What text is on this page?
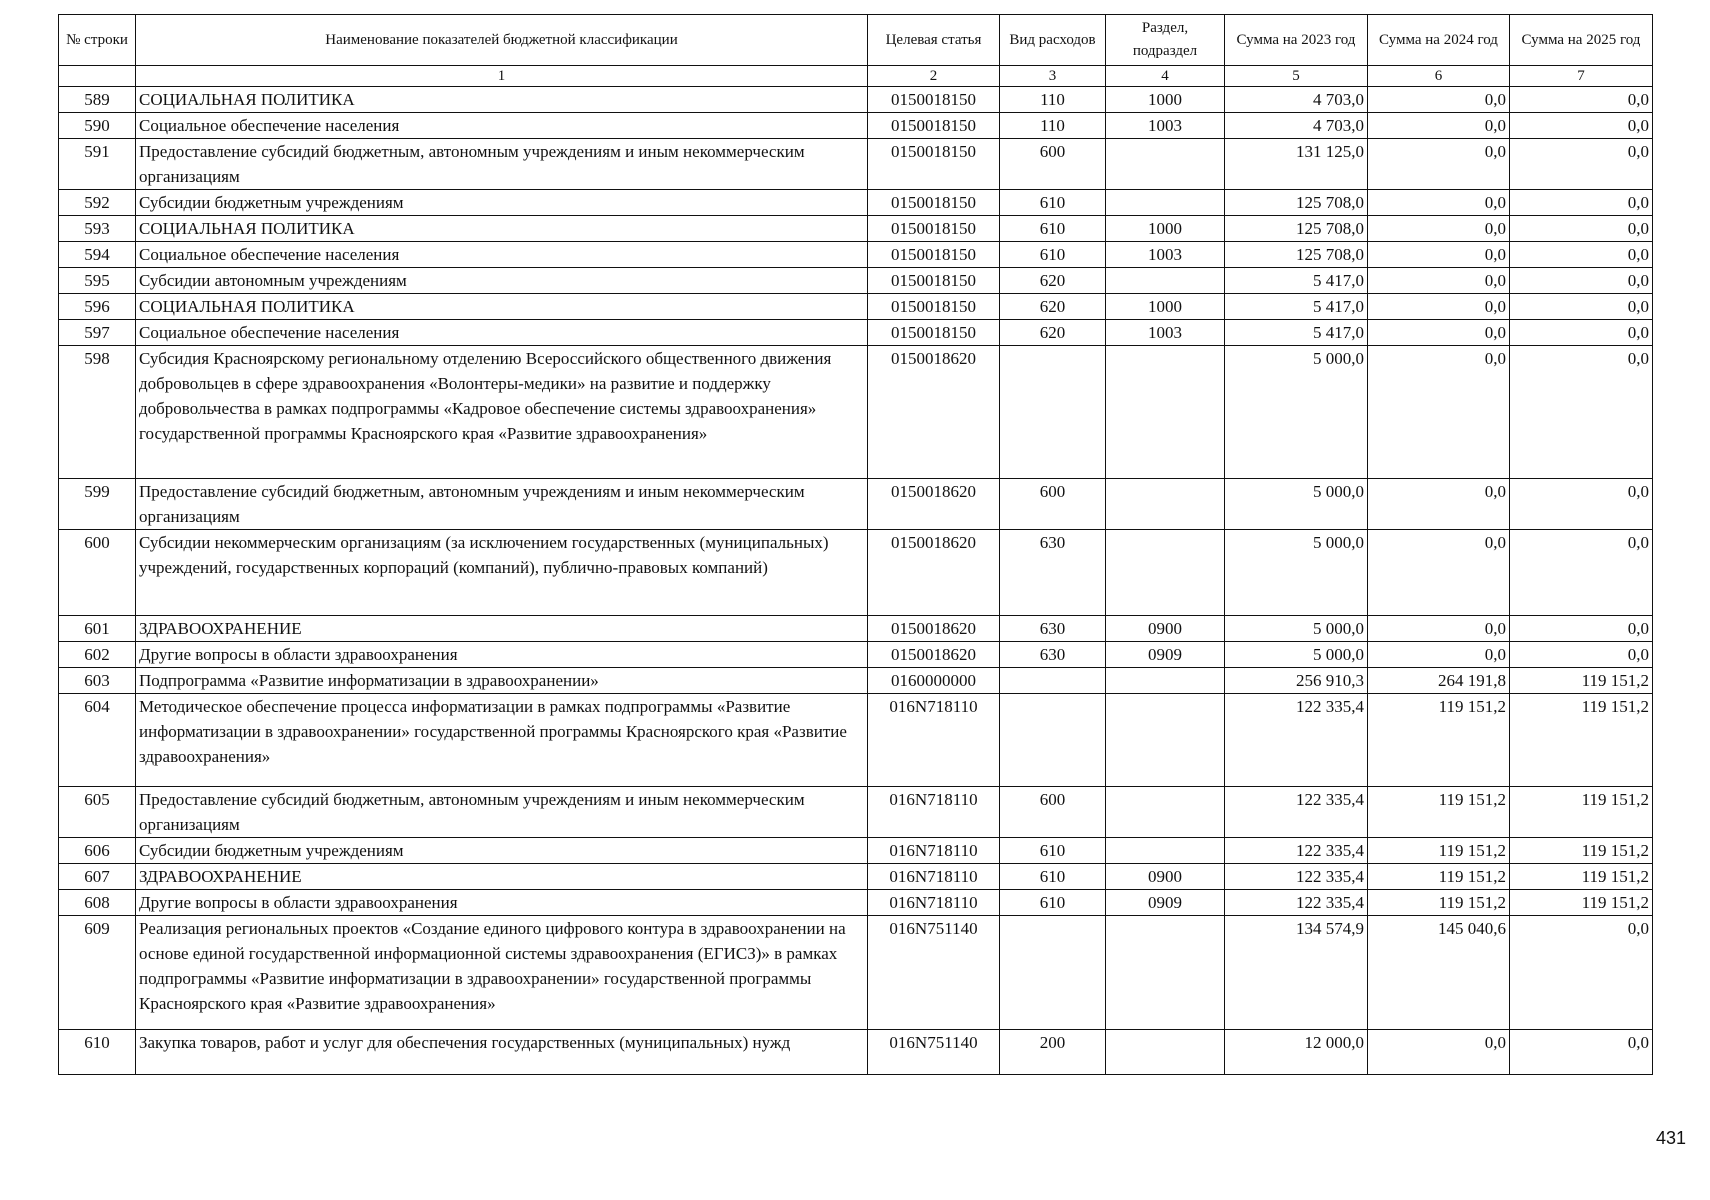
№ строки	Наименование показателей бюджетной классификации	Целевая статья	Вид расходов	Раздел, подраздел	Сумма на 2023 год	Сумма на 2024 год	Сумма на 2025 год
	1	2	3	4	5	6	7
589	СОЦИАЛЬНАЯ ПОЛИТИКА	0150018150	110	1000	4 703,0	0,0	0,0
590	Социальное обеспечение населения	0150018150	110	1003	4 703,0	0,0	0,0
591	Предоставление субсидий бюджетным, автономным учреждениям и иным некоммерческим организациям	0150018150	600		131 125,0	0,0	0,0
592	Субсидии бюджетным учреждениям	0150018150	610		125 708,0	0,0	0,0
593	СОЦИАЛЬНАЯ ПОЛИТИКА	0150018150	610	1000	125 708,0	0,0	0,0
594	Социальное обеспечение населения	0150018150	610	1003	125 708,0	0,0	0,0
595	Субсидии автономным учреждениям	0150018150	620		5 417,0	0,0	0,0
596	СОЦИАЛЬНАЯ ПОЛИТИКА	0150018150	620	1000	5 417,0	0,0	0,0
597	Социальное обеспечение населения	0150018150	620	1003	5 417,0	0,0	0,0
598	Субсидия Красноярскому региональному отделению Всероссийского общественного движения добровольцев в сфере здравоохранения «Волонтеры-медики» на развитие и поддержку добровольчества в рамках подпрограммы «Кадровое обеспечение системы здравоохранения» государственной программы Красноярского края «Развитие здравоохранения»	0150018620			5 000,0	0,0	0,0
599	Предоставление субсидий бюджетным, автономным учреждениям и иным некоммерческим организациям	0150018620	600		5 000,0	0,0	0,0
600	Субсидии некоммерческим организациям (за исключением государственных (муниципальных) учреждений, государственных корпораций (компаний), публично-правовых компаний)	0150018620	630		5 000,0	0,0	0,0
601	ЗДРАВООХРАНЕНИЕ	0150018620	630	0900	5 000,0	0,0	0,0
602	Другие вопросы в области здравоохранения	0150018620	630	0909	5 000,0	0,0	0,0
603	Подпрограмма «Развитие информатизации в здравоохранении»	0160000000			256 910,3	264 191,8	119 151,2
604	Методическое обеспечение процесса информатизации в рамках подпрограммы «Развитие информатизации в здравоохранении» государственной программы Красноярского края «Развитие здравоохранения»	016N718110			122 335,4	119 151,2	119 151,2
605	Предоставление субсидий бюджетным, автономным учреждениям и иным некоммерческим организациям	016N718110	600		122 335,4	119 151,2	119 151,2
606	Субсидии бюджетным учреждениям	016N718110	610		122 335,4	119 151,2	119 151,2
607	ЗДРАВООХРАНЕНИЕ	016N718110	610	0900	122 335,4	119 151,2	119 151,2
608	Другие вопросы в области здравоохранения	016N718110	610	0909	122 335,4	119 151,2	119 151,2
609	Реализация региональных проектов «Создание единого цифрового контура в здравоохранении на основе единой государственной информационной системы здравоохранения (ЕГИСЗ)» в рамках подпрограммы «Развитие информатизации в здравоохранении» государственной программы Красноярского края «Развитие здравоохранения»	016N751140			134 574,9	145 040,6	0,0
610	Закупка товаров, работ и услуг для обеспечения государственных (муниципальных) нужд	016N751140	200		12 000,0	0,0	0,0
431
